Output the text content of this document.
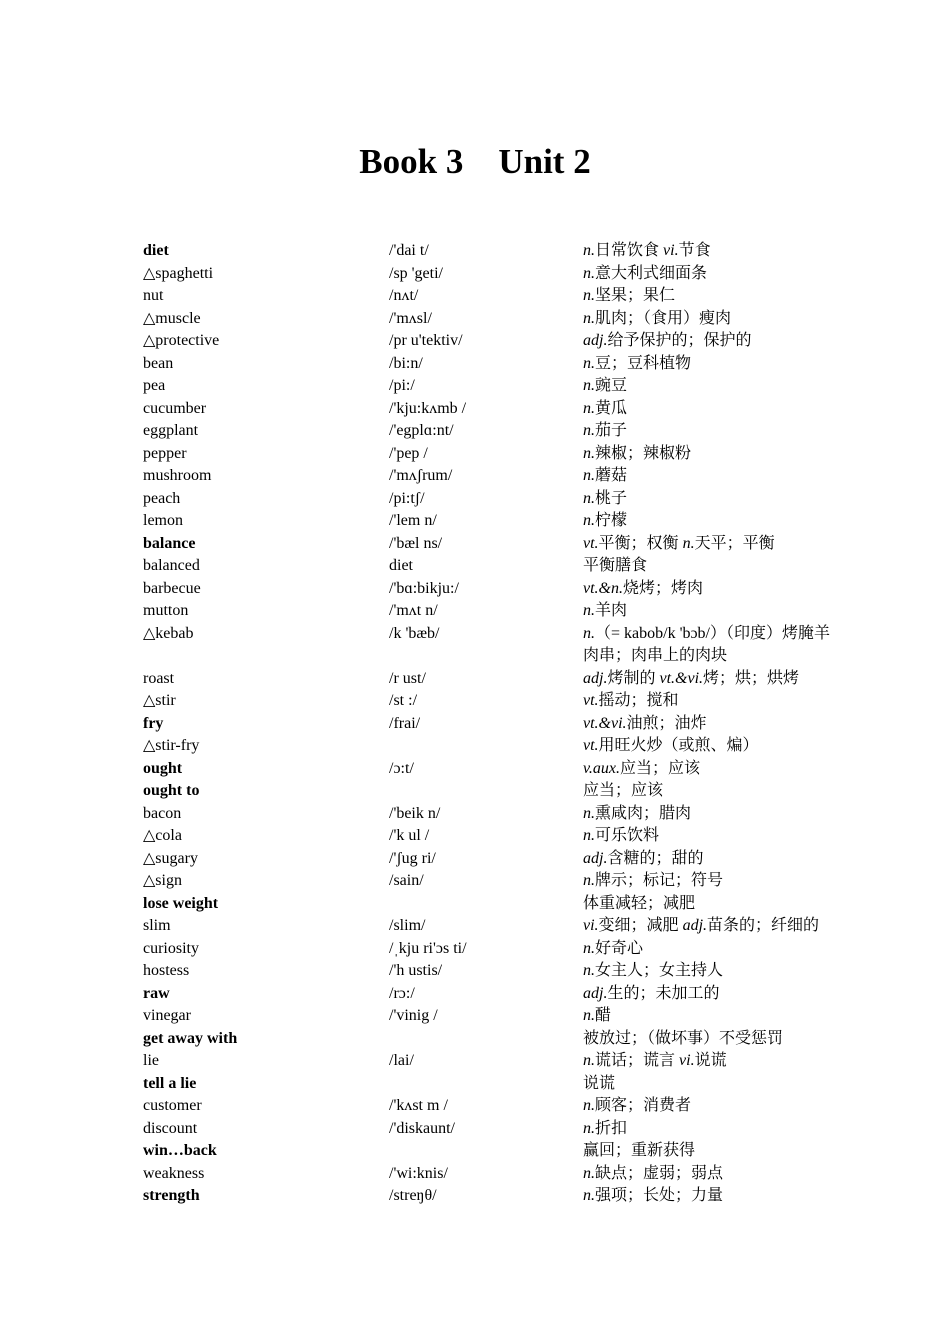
Book 3    Unit 2
diet	/'dai t/	n.日常饮食 vi.节食
△spaghetti	/sp 'geti/	n.意大利式细面条
nut	/nʌt/	n.坚果；果仁
△muscle	/'mʌsl/	n.肌肉；（食用）瘦肉
△protective	/pr u'tektiv/	adj.给予保护的；保护的
bean	/bi:n/	n.豆；豆科植物
pea	/pi:/	n.豌豆
cucumber	/'kju:kʌmb /	n.黄瓜
eggplant	/'egplɑ:nt/	n.茄子
pepper	/'pep /	n.辣椒；辣椒粉
mushroom	/'mʌʃrum/	n.蘑菇
peach	/pi:tʃ/	n.桃子
lemon	/'lem n/	n.柠檬
balance	/'bæl ns/	vt.平衡；权衡 n.天平；平衡
balanced	diet	平衡膳食
barbecue	/'bɑ:bikju:/	vt.&n.烧烤；烤肉
mutton	/'mʌt n/	n.羊肉
△kebab	/k 'bæb/	n.（= kabob/k 'bɔb/）（印度）烤腌羊肉串；肉串上的肉块
roast	/r ust/	adj.烤制的 vt.&vi.烤；烘；烘烤
△stir	/st :/	vt.摇动；搅和
fry	/frai/	vt.&vi.油煎；油炸
△stir-fry	vt.用旺火炒（或煎、煸）
ought	/ɔ:t/	v.aux.应当；应该
ought to	应当；应该
bacon	/'beik n/	n.熏咸肉；腊肉
△cola	/'k ul /	n.可乐饮料
△sugary	/'ʃug ri/	adj.含糖的；甜的
△sign	/sain/	n.牌示；标记；符号
lose weight	体重减轻；减肥
slim	/slim/	vi.变细；减肥 adj.苗条的；纤细的
curiosity	/ˌkju ri'ɔs ti/	n.好奇心
hostess	/'h ustis/	n.女主人；女主持人
raw	/rɔ:/	adj.生的；未加工的
vinegar	/'vinig /	n.醋
get away with	被放过；（做坏事）不受惩罚
lie	/lai/	n.谎话；谎言 vi.说谎
tell a lie	说谎
customer	/'kʌst m /	n.顾客；消费者
discount	/'diskaunt/	n.折扣
win…back	赢回；重新获得
weakness	/'wi:knis/	n.缺点；虚弱；弱点
strength	/streŋθ/	n.强项；长处；力量
